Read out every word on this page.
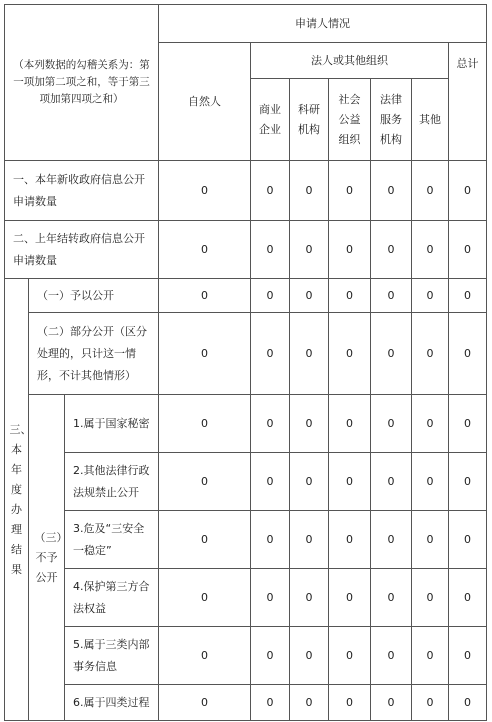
（本列数据的勾稽关系为：第一项加第二项之和，等于第三项加第四项之和）			申请人情况						
			自然人	法人或其他组织					总计
				商业企业	科研机构	社会公益组织	法律服务机构	其他	
一、本年新收政府信息公开申请数量			0	0	0	0	0	0	0
二、上年结转政府信息公开申请数量			0	0	0	0	0	0	0
三、本年度办理结果	（一）予以公开		0	0	0	0	0	0	0
	（二）部分公开（区分处理的，只计这一情形，不计其他情形）		0	0	0	0	0	0	0
	（三）不予公开	1.属于国家秘密	0	0	0	0	0	0	0
		2.其他法律行政法规禁止公开	0	0	0	0	0	0	0
		3.危及“三安全一稳定”	0	0	0	0	0	0	0
		4.保护第三方合法权益	0	0	0	0	0	0	0
		5.属于三类内部事务信息	0	0	0	0	0	0	0
		6.属于四类过程	0	0	0	0	0	0	0
